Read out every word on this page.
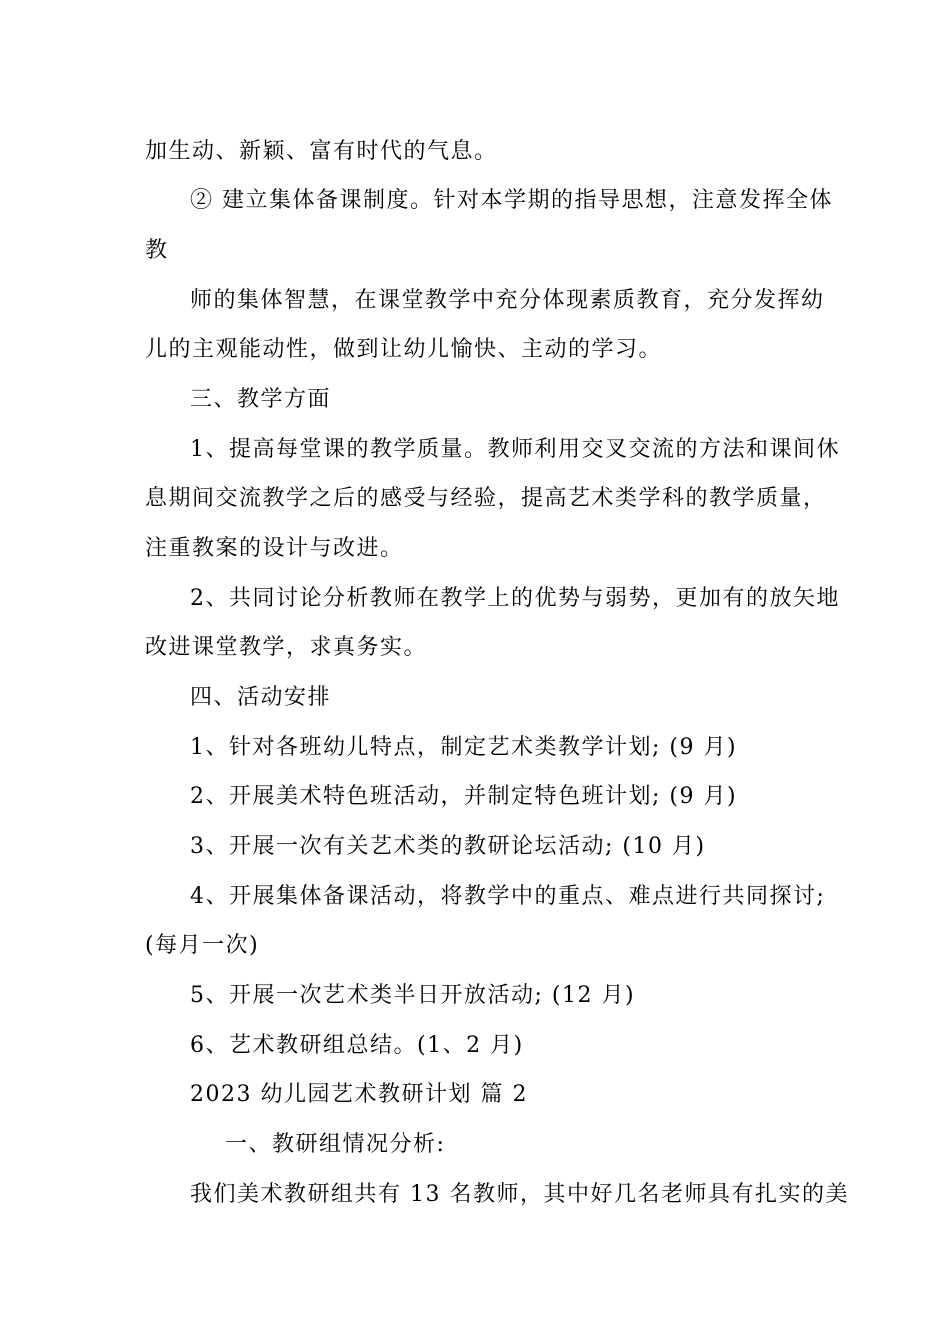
加生动、新颖、富有时代的气息。
② 建立集体备课制度。针对本学期的指导思想，注意发挥全体
教
师的集体智慧，在课堂教学中充分体现素质教育，充分发挥幼
儿的主观能动性，做到让幼儿愉快、主动的学习。
三、教学方面
1、提高每堂课的教学质量。教师利用交叉交流的方法和课间休
息期间交流教学之后的感受与经验，提高艺术类学科的教学质量，
注重教案的设计与改进。
2、共同讨论分析教师在教学上的优势与弱势，更加有的放矢地
改进课堂教学，求真务实。
四、活动安排
1、针对各班幼儿特点，制定艺术类教学计划; (9 月)
2、开展美术特色班活动，并制定特色班计划; (9 月)
3、开展一次有关艺术类的教研论坛活动; (10 月)
4、开展集体备课活动，将教学中的重点、难点进行共同探讨;
(每月一次)
5、开展一次艺术类半日开放活动; (12 月)
6、艺术教研组总结。(1、2 月)
2023 幼儿园艺术教研计划 篇 2
一、教研组情况分析:
我们美术教研组共有 13 名教师，其中好几名老师具有扎实的美
